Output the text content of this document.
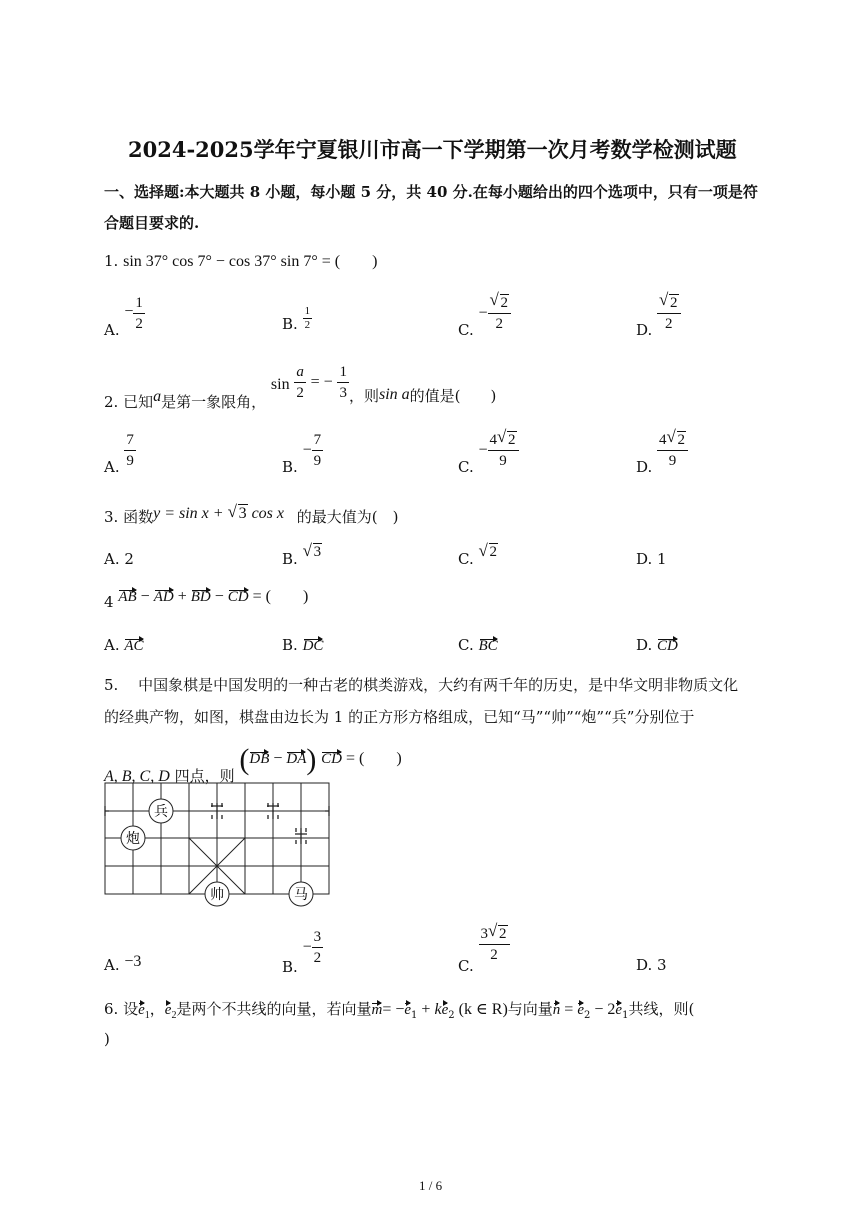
2024-2025学年宁夏银川市高一下学期第一次月考数学检测试题
一、选择题:本大题共 8 小题，每小题 5 分，共 40 分.在每小题给出的四个选项中，只有一项是符
合题目要求的.
1. sin 37° cos 7° − cos 37° sin 7° = (　　)
A. − $\frac{1}{2}$	B. $\frac{1}{2}$	C. − $\frac{√ 2}{2}$	D. $\frac{√ 2}{2}$
2. 已知a是第一象限角， $\sin \frac{a}{2}$ = − $\frac{1}{3}$ ，则sin a的值是(　　)
A. $\frac{7}{9}$	B. − $\frac{7}{9}$	C. − $\frac{4 √ 2}{9}$	D. $\frac{4 √ 2}{9}$
3. 函数y = sin x + √ 3 cos x 的最大值为(　)
A. 2	B. √ 3	C. √ 2	D. 1
4 AB − AD + BD − CD = (　　)
A. AC	B. DC	C. BC	D. CD
5.　 中国象棋是中国发明的一种古老的棋类游戏，大约有两千年的历史，是中华文明非物质文化
的经典产物，如图，棋盘由边长为 1 的正方形方格组成，已知“马”“帅”“炮”“兵”分别位于
A, B, C, D 四点，则 (DB − DA) CD = (　　)
兵
炮
帅	马
A. −3	B. − $\frac{3}{2}$	C.
$\frac{3 √ 2}{2}$	D. 3
6. 设$e_1$，$e_2$是两个不共线的向量，若向量$m= -e_1 + ke_2$ (k ∈ R)与向量$n = e_2 - 2e_1$共线，则(
)
1 / 6
